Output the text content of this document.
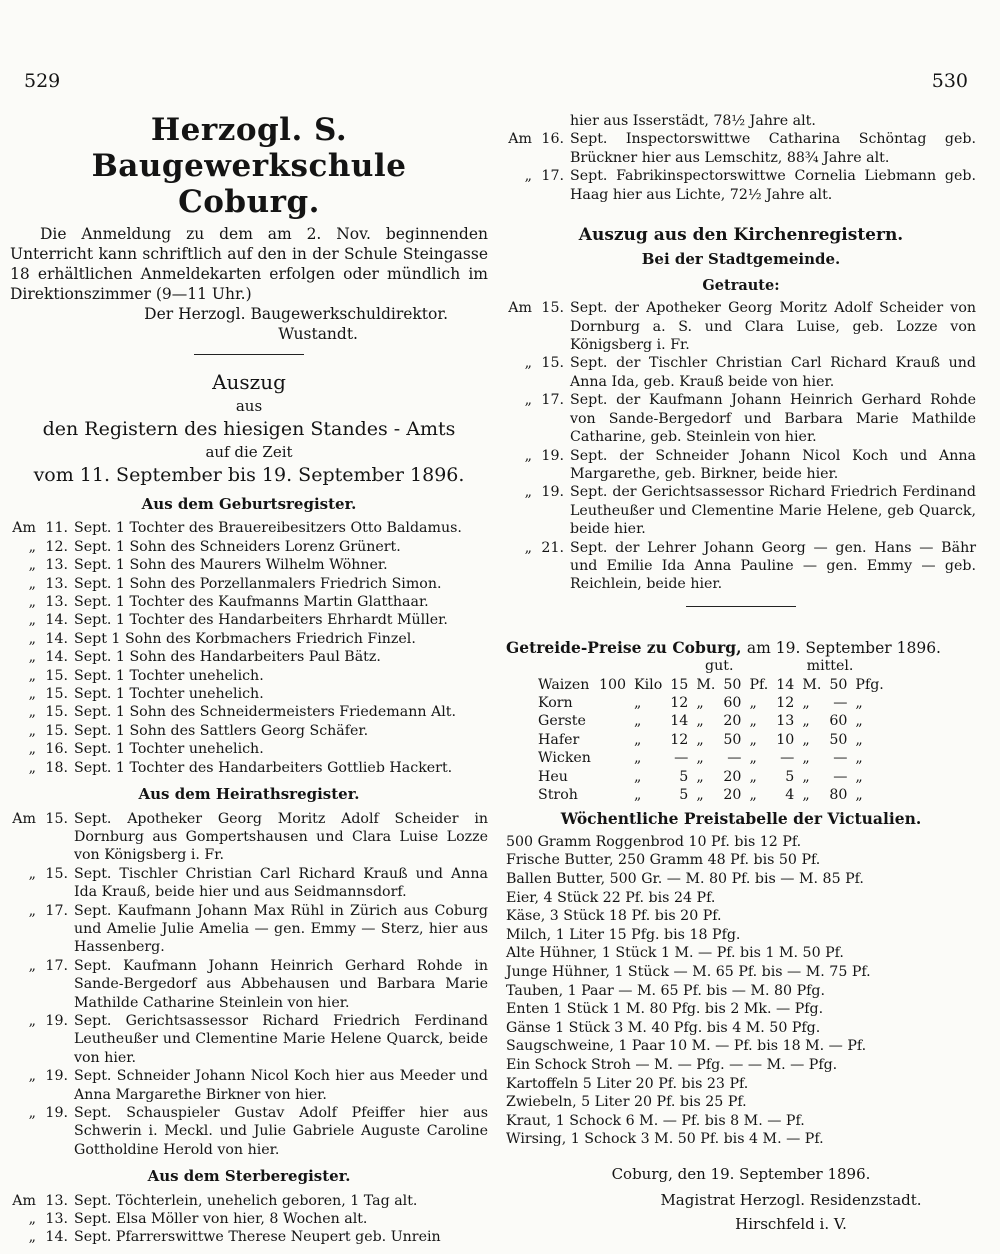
529	530
Herzogl. S. Baugewerkschule
Coburg.
Die Anmeldung zu dem am 2. Nov. beginnenden Unterricht kann schriftlich auf den in der Schule Steingasse 18 erhältlichen Anmeldekarten erfolgen oder mündlich im Direktionszimmer (9—11 Uhr.)
Der Herzogl. Baugewerkschuldirektor.
Wustandt.
Auszug
aus
den Registern des hiesigen Standes - Amts
auf die Zeit
vom 11. September bis 19. September 1896.
Aus dem Geburtsregister.
Am 11. Sept. 1 Tochter des Brauereibesitzers Otto Baldamus.
„ 12. Sept. 1 Sohn des Schneiders Lorenz Grünert.
„ 13. Sept. 1 Sohn des Maurers Wilhelm Wöhner.
„ 13. Sept. 1 Sohn des Porzellanmalers Friedrich Simon.
„ 13. Sept. 1 Tochter des Kaufmanns Martin Glatthaar.
„ 14. Sept. 1 Tochter des Handarbeiters Ehrhardt Müller.
„ 14. Sept 1 Sohn des Korbmachers Friedrich Finzel.
„ 14. Sept. 1 Sohn des Handarbeiters Paul Bätz.
„ 15. Sept. 1 Tochter unehelich.
„ 15. Sept. 1 Tochter unehelich.
„ 15. Sept. 1 Sohn des Schneidermeisters Friedemann Alt.
„ 15. Sept. 1 Sohn des Sattlers Georg Schäfer.
„ 16. Sept. 1 Tochter unehelich.
„ 18. Sept. 1 Tochter des Handarbeiters Gottlieb Hackert.
Aus dem Heirathsregister.
Am 15. Sept. Apotheker Georg Moritz Adolf Scheider in Dornburg aus Gompertshausen und Clara Luise Lozze von Königsberg i. Fr.
„ 15. Sept. Tischler Christian Carl Richard Krauß und Anna Ida Krauß, beide hier und aus Seidmannsdorf.
„ 17. Sept. Kaufmann Johann Max Rühl in Zürich aus Coburg und Amelie Julie Amelia — gen. Emmy — Sterz, hier aus Hassenberg.
„ 17. Sept. Kaufmann Johann Heinrich Gerhard Rohde in Sande-Bergedorf aus Abbehausen und Barbara Marie Mathilde Catharine Steinlein von hier.
„ 19. Sept. Gerichtsassessor Richard Friedrich Ferdinand Leutheußer und Clementine Marie Helene Quarck, beide von hier.
„ 19. Sept. Schneider Johann Nicol Koch hier aus Meeder und Anna Margarethe Birkner von hier.
„ 19. Sept. Schauspieler Gustav Adolf Pfeiffer hier aus Schwerin i. Meckl. und Julie Gabriele Auguste Caroline Gottholdine Herold von hier.
Aus dem Sterberegister.
Am 13. Sept. Töchterlein, unehelich geboren, 1 Tag alt.
„ 13. Sept. Elsa Möller von hier, 8 Wochen alt.
„ 14. Sept. Pfarrerswittwe Therese Neupert geb. Unrein
hier aus Isserstädt, 78½ Jahre alt.
Am 16. Sept. Inspectorswittwe Catharina Schöntag geb. Brückner hier aus Lemschitz, 88¾ Jahre alt.
„ 17. Sept. Fabrikinspectorswittwe Cornelia Liebmann geb. Haag hier aus Lichte, 72½ Jahre alt.
Auszug aus den Kirchenregistern.
Bei der Stadtgemeinde.
Getraute:
Am 15. Sept. der Apotheker Georg Moritz Adolf Scheider von Dornburg a. S. und Clara Luise, geb. Lozze von Königsberg i. Fr.
„ 15. Sept. der Tischler Christian Carl Richard Krauß und Anna Ida, geb. Krauß beide von hier.
„ 17. Sept. der Kaufmann Johann Heinrich Gerhard Rohde von Sande-Bergedorf und Barbara Marie Mathilde Catharine, geb. Steinlein von hier.
„ 19. Sept. der Schneider Johann Nicol Koch und Anna Margarethe, geb. Birkner, beide hier.
„ 19. Sept. der Gerichtsassessor Richard Friedrich Ferdinand Leutheußer und Clementine Marie Helene, geb Quarck, beide hier.
„ 21. Sept. der Lehrer Johann Georg — gen. Hans — Bähr und Emilie Ida Anna Pauline — gen. Emmy — geb. Reichlein, beide hier.
Getreide-Preise zu Coburg, am 19. September 1896.
			gut.				mittel.			
Waizen	100	Kilo	15	M.	50	Pf.	14	M.	50	Pfg.
Korn		„	12	„	60	„	12	„	—	„
Gerste		„	14	„	20	„	13	„	60	„
Hafer		„	12	„	50	„	10	„	50	„
Wicken		„	—	„	—	„	—	„	—	„
Heu		„	5	„	20	„	5	„	—	„
Stroh		„	5	„	20	„	4	„	80	„
Wöchentliche Preistabelle der Victualien.
500 Gramm Roggenbrod 10 Pf. bis 12 Pf.
Frische Butter, 250 Gramm 48 Pf. bis 50 Pf.
Ballen Butter, 500 Gr. — M. 80 Pf. bis — M. 85 Pf.
Eier, 4 Stück 22 Pf. bis 24 Pf.
Käse, 3 Stück 18 Pf. bis 20 Pf.
Milch, 1 Liter 15 Pfg. bis 18 Pfg.
Alte Hühner, 1 Stück 1 M. — Pf. bis 1 M. 50 Pf.
Junge Hühner, 1 Stück — M. 65 Pf. bis — M. 75 Pf.
Tauben, 1 Paar — M. 65 Pf. bis — M. 80 Pfg.
Enten 1 Stück 1 M. 80 Pfg. bis 2 Mk. — Pfg.
Gänse 1 Stück 3 M. 40 Pfg. bis 4 M. 50 Pfg.
Saugschweine, 1 Paar 10 M. — Pf. bis 18 M. — Pf.
Ein Schock Stroh — M. — Pfg. — — M. — Pfg.
Kartoffeln 5 Liter 20 Pf. bis 23 Pf.
Zwiebeln, 5 Liter 20 Pf. bis 25 Pf.
Kraut, 1 Schock 6 M. — Pf. bis 8 M. — Pf.
Wirsing, 1 Schock 3 M. 50 Pf. bis 4 M. — Pf.
Coburg, den 19. September 1896.
Magistrat Herzogl. Residenzstadt.
Hirschfeld i. V.
